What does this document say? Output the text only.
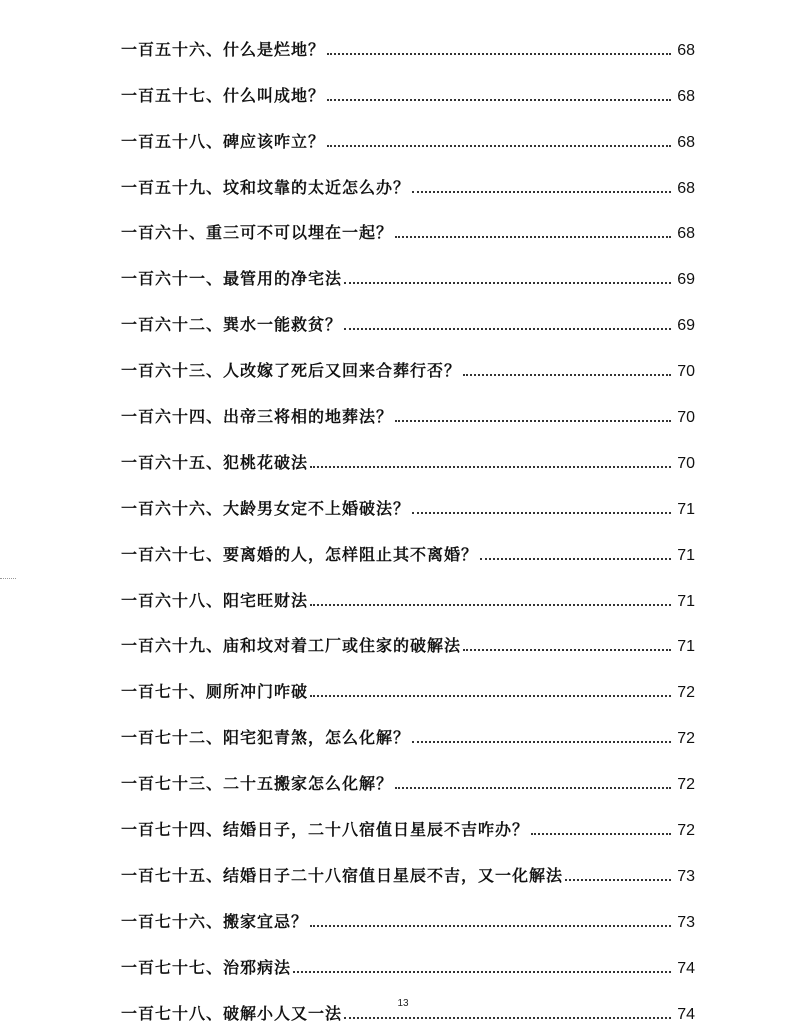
一百五十六、 什么是烂地？	68
一百五十七、 什么叫成地？	68
一百五十八、 碑应该咋立？	68
一百五十九、 坟和坟靠的太近怎么办？	68
一百六十、 重三可不可以埋在一起？	68
一百六十一、 最管用的净宅法	69
一百六十二、 巽水一能救贫？	69
一百六十三、 人改嫁了死后又回来合葬行否？	70
一百六十四、 出帝三将相的地葬法？	70
一百六十五、 犯桃花破法	70
一百六十六、 大龄男女定不上婚破法？	71
一百六十七、 要离婚的人，怎样阻止其不离婚？	71
一百六十八、 阳宅旺财法	71
一百六十九、 庙和坟对着工厂或住家的破解法	71
一百七十、 厕所冲门咋破	72
一百七十二、 阳宅犯青煞，怎么化解？	72
一百七十三、 二十五搬家怎么化解？	72
一百七十四、 结婚日子，二十八宿值日星辰不吉咋办？	72
一百七十五、 结婚日子二十八宿值日星辰不吉，又一化解法	73
一百七十六、 搬家宜忌？	73
一百七十七、 治邪病法	74
一百七十八、 破解小人又一法	74
13
